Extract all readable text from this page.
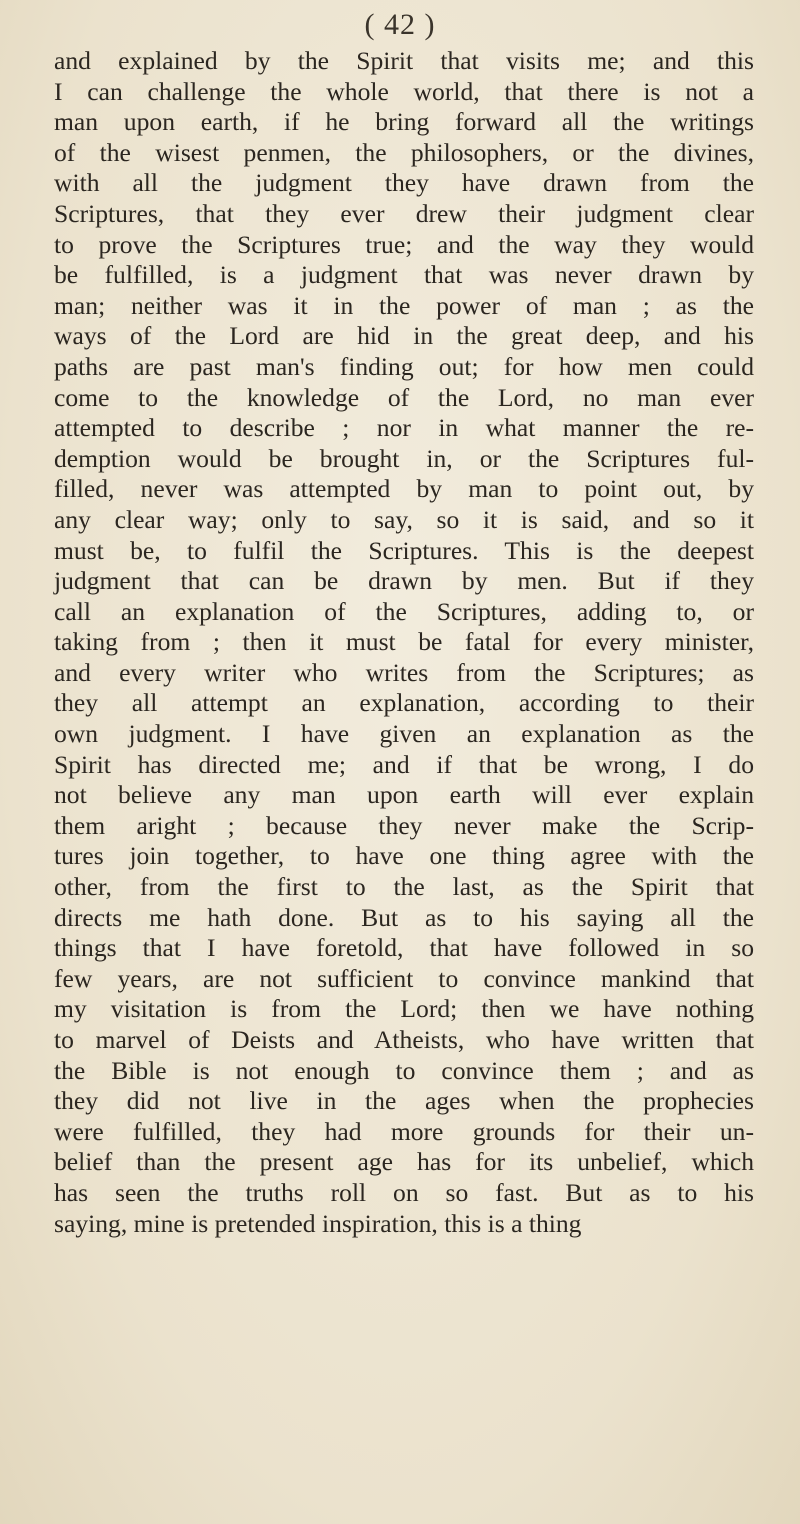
( 42 )
and explained by the Spirit that visits me; and this
I can challenge the whole world, that there is not a
man upon earth, if he bring forward all the writings
of the wisest penmen, the philosophers, or the divines,
with all the judgment they have drawn from the
Scriptures, that they ever drew their judgment clear
to prove the Scriptures true; and the way they would
be fulfilled, is a judgment that was never drawn by
man; neither was it in the power of man ; as the
ways of the Lord are hid in the great deep, and his
paths are past man's finding out; for how men could
come to the knowledge of the Lord, no man ever
attempted to describe ; nor in what manner the re-
demption would be brought in, or the Scriptures ful-
filled, never was attempted by man to point out, by
any clear way; only to say, so it is said, and so it
must be, to fulfil the Scriptures. This is the deepest
judgment that can be drawn by men. But if they
call an explanation of the Scriptures, adding to, or
taking from ; then it must be fatal for every minister,
and every writer who writes from the Scriptures; as
they all attempt an explanation, according to their
own judgment. I have given an explanation as the
Spirit has directed me; and if that be wrong, I do
not believe any man upon earth will ever explain
them aright ; because they never make the Scrip-
tures join together, to have one thing agree with the
other, from the first to the last, as the Spirit that
directs me hath done. But as to his saying all the
things that I have foretold, that have followed in so
few years, are not sufficient to convince mankind that
my visitation is from the Lord; then we have nothing
to marvel of Deists and Atheists, who have written that
the Bible is not enough to convince them ; and as
they did not live in the ages when the prophecies
were fulfilled, they had more grounds for their un-
belief than the present age has for its unbelief, which
has seen the truths roll on so fast. But as to his
saying, mine is pretended inspiration, this is a thing
